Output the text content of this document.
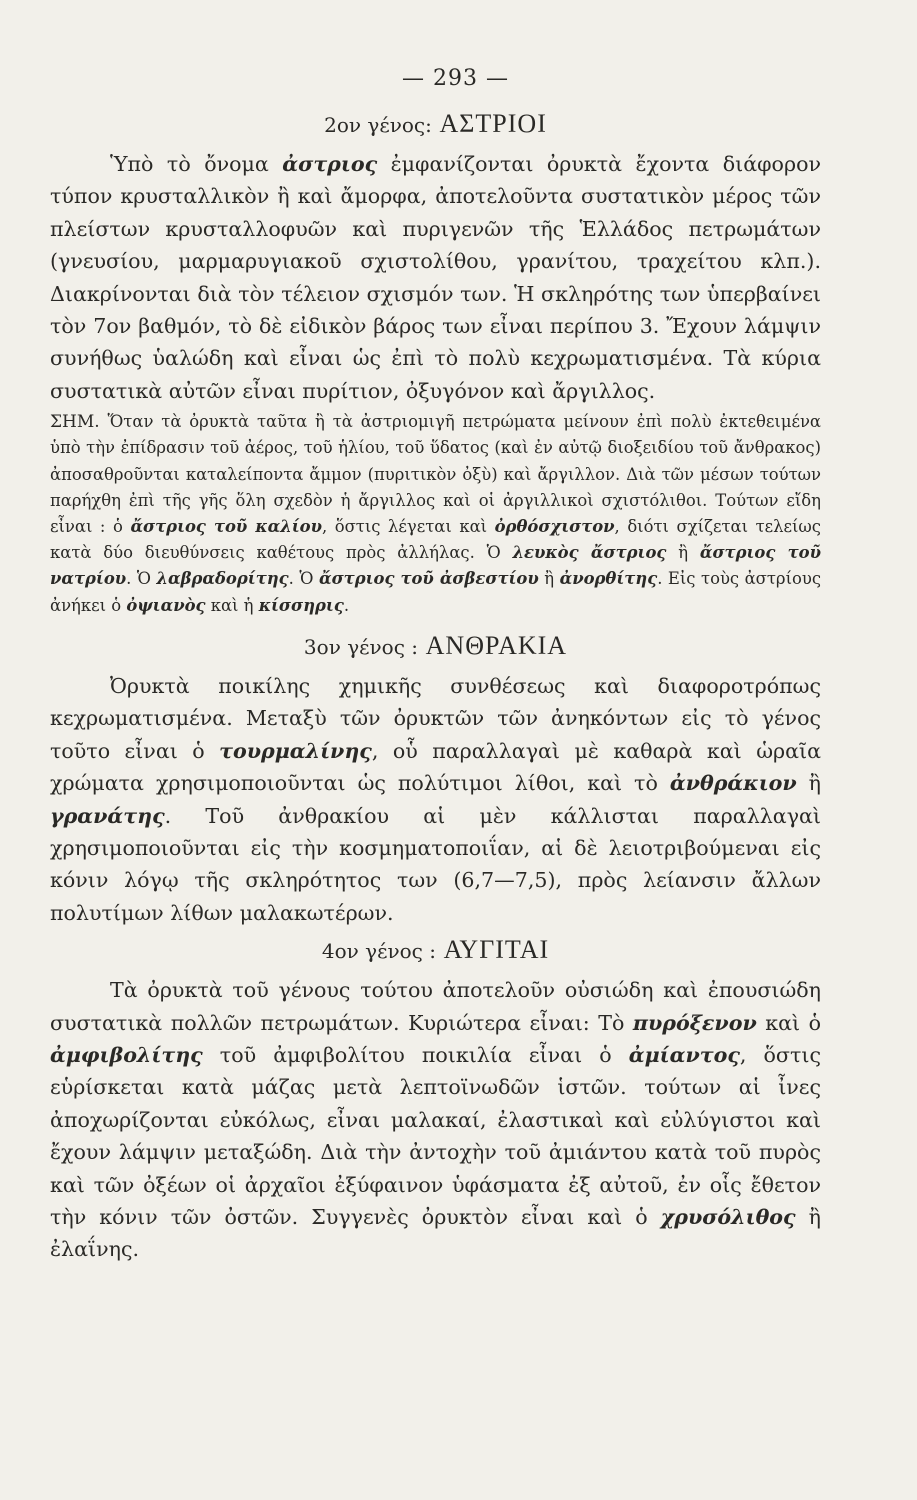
— 293 —
2ον γένος: ΑΣΤΡΙΟΙ

Ὑπὸ τὸ ὄνομα ἀστριος ἐμφανίζονται ὀρυκτὰ ἔχοντα διάφορον τύπον κρυσταλλικὸν ἢ καὶ ἄμορφα, ἀποτελοῦντα συστατικὸν μέρος τῶν πλείστων κρυσταλλοφυῶν καὶ πυριγενῶν τῆς Ἑλλάδος πετρωμάτων (γνευσίου, μαρμαρυγιακοῦ σχιστολίθου, γρανίτου, τραχείτου κλπ.). Διακρίνονται διὰ τὸν τέλειον σχισμόν των. Ἡ σκληρότης των ὑπερβαίνει τὸν 7ον βαθμόν, τὸ δὲ εἰδικὸν βάρος των εἶναι περίπου 3. Ἔχουν λάμψιν συνήθως ὑαλώδη καὶ εἶναι ὡς ἐπὶ τὸ πολὺ κεχρωματισμένα. Τὰ κύρια συστατικὰ αὐτῶν εἶναι πυρίτιον, ὀξυγόνον καὶ ἄργιλλος.

ΣΗΜ. Ὅταν τὰ ὀρυκτὰ ταῦτα ἢ τὰ ἀστριομιγῆ πετρώματα μείνουν ἐπὶ πολὺ ἐκτεθειμένα ὑπὸ τὴν ἐπίδρασιν τοῦ ἀέρος, τοῦ ἡλίου, τοῦ ὕδατος (καὶ ἐν αὐτῷ διοξειδίου τοῦ ἄνθρακος) ἀποσαθροῦνται καταλείποντα ἄμμον (πυριτικὸν ὀξὺ) καὶ ἄργιλλον. Διὰ τῶν μέσων τούτων παρήχθη ἐπὶ τῆς γῆς ὅλη σχεδὸν ἡ ἄργιλλος καὶ οἱ ἀργιλλικοὶ σχιστόλιθοι. Τούτων εἴδη εἶναι : ὁ ἄστριος τοῦ καλίου, ὅστις λέγεται καὶ ὀρθόσχιστον, διότι σχίζεται τελείως κατὰ δύο διευθύνσεις καθέτους πρὸς ἀλλήλας. Ὁ λευκὸς ἄστριος ἢ ἄστριος τοῦ νατρίου. Ὁ λαβραδορίτης. Ὁ ἄστριος τοῦ ἀσβεστίου ἢ ἀνορθίτης. Εἰς τοὺς ἀστρίους ἀνήκει ὁ ὀψιανὸς καὶ ἡ κίσσηρις.

3ον γένος : ΑΝΘΡΑΚΙΑ

Ὀρυκτὰ ποικίλης χημικῆς συνθέσεως καὶ διαφοροτρόπως κεχρωματισμένα. Μεταξὺ τῶν ὀρυκτῶν τῶν ἀνηκόντων εἰς τὸ γένος τοῦτο εἶναι ὁ τουρμαλίνης, οὗ παραλλαγαὶ μὲ καθαρὰ καὶ ὡραῖα χρώματα χρησιμοποιοῦνται ὡς πολύτιμοι λίθοι, καὶ τὸ ἀνθράκιον ἢ γρανάτης. Τοῦ ἀνθρακίου αἱ μὲν κάλλισται παραλλαγαὶ χρησιμοποιοῦνται εἰς τὴν κοσμηματοποιΐαν, αἱ δὲ λειοτριβούμεναι εἰς κόνιν λόγῳ τῆς σκληρότητος των (6,7—7,5), πρὸς λείανσιν ἄλλων πολυτίμων λίθων μαλακωτέρων.

4ον γένος : ΑΥΓΙΤΑΙ

Τὰ ὀρυκτὰ τοῦ γένους τούτου ἀποτελοῦν οὐσιώδη καὶ ἐπουσιώδη συστατικὰ πολλῶν πετρωμάτων. Κυριώτερα εἶναι: Τὸ πυρόξενον καὶ ὁ ἀμφιβολίτης τοῦ ἀμφιβολίτου ποικιλία εἶναι ὁ ἀμίαντος, ὅστις εὑρίσκεται κατὰ μάζας μετὰ λεπτοϊνωδῶν ἱστῶν. τούτων αἱ ἶνες ἀποχωρίζονται εὐκόλως, εἶναι μαλακαί, ἐλαστικαὶ καὶ εὐλύγιστοι καὶ ἔχουν λάμψιν μεταξώδη. Διὰ τὴν ἀντοχὴν τοῦ ἀμιάντου κατὰ τοῦ πυρὸς καὶ τῶν ὀξέων οἱ ἀρχαῖοι ἐξύφαινον ὑφάσματα ἐξ αὐτοῦ, ἐν οἷς ἔθετον τὴν κόνιν τῶν ὀστῶν. Συγγενὲς ὀρυκτὸν εἶναι καὶ ὁ χρυσόλιθος ἢ ἐλαΐνης.
